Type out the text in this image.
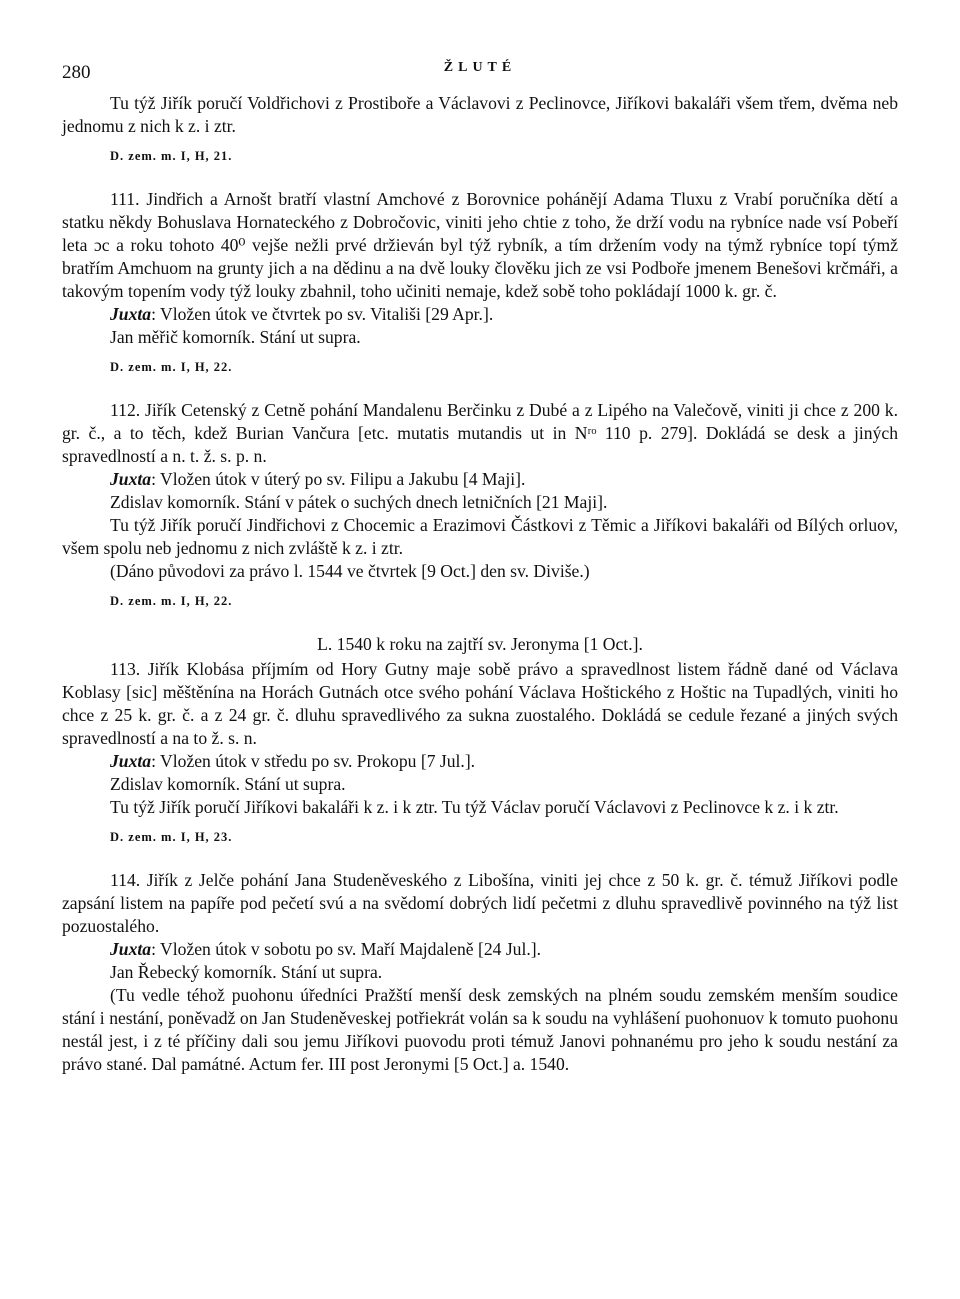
280	ŽLUTÉ

Tu týž Jiřík poručí Voldřichovi z Prostiboře a Václavovi z Peclinovce, Jiříkovi bakaláři všem třem, dvěma neb jednomu z nich k z. i ztr.

D. zem. m. I, H, 21.

111. Jindřich a Arnošt bratří vlastní Amchové z Borovnice pohánějí Adama Tluxu z Vrabí poručníka dětí a statku někdy Bohuslava Hornateckého z Dobročovic, viniti jeho chtie z toho, že drží vodu na rybníce nade vsí Pobeří leta ɔc a roku tohoto 40⁰ vejše nežli prvé držieván byl týž rybník, a tím držením vody na týmž rybníce topí týmž bratřím Amchuom na grunty jich a na dědinu a na dvě louky člověku jich ze vsi Podboře jmenem Benešovi krčmáři, a takovým topením vody týž louky zbahnil, toho učiniti nemaje, kdež sobě toho pokládají 1000 k. gr. č.

Juxta: Vložen útok ve čtvrtek po sv. Vitališi [29 Apr.].

Jan měřič komorník. Stání ut supra.

D. zem. m. I, H, 22.

112. Jiřík Cetenský z Cetně pohání Mandalenu Berčinku z Dubé a z Lipého na Valečově, viniti ji chce z 200 k. gr. č., a to těch, kdež Burian Vančura [etc. mutatis mutandis ut in Nʳᵒ 110 p. 279]. Dokládá se desk a jiných spravedlností a n. t. ž. s. p. n.

Juxta: Vložen útok v úterý po sv. Filipu a Jakubu [4 Maji].

Zdislav komorník. Stání v pátek o suchých dnech letničních [21 Maji].

Tu týž Jiřík poručí Jindřichovi z Chocemic a Erazimovi Částkovi z Těmic a Jiříkovi bakaláři od Bílých orluov, všem spolu neb jednomu z nich zvláště k z. i ztr.

(Dáno původovi za právo l. 1544 ve čtvrtek [9 Oct.] den sv. Diviše.)

D. zem. m. I, H, 22.

L. 1540 k roku na zajtří sv. Jeronyma [1 Oct.].

113. Jiřík Klobása příjmím od Hory Gutny maje sobě právo a spravedlnost listem řádně dané od Václava Koblasy [sic] měštěnína na Horách Gutnách otce svého pohání Václava Hoštického z Hoštic na Tupadlých, viniti ho chce z 25 k. gr. č. a z 24 gr. č. dluhu spravedlivého za sukna zuostalého. Dokládá se cedule řezané a jiných svých spravedlností a na to ž. s. n.

Juxta: Vložen útok v středu po sv. Prokopu [7 Jul.].

Zdislav komorník. Stání ut supra.

Tu týž Jiřík poručí Jiříkovi bakaláři k z. i k ztr. Tu týž Václav poručí Václavovi z Peclinovce k z. i k ztr.

D. zem. m. I, H, 23.

114. Jiřík z Jelče pohání Jana Studeněveského z Libošína, viniti jej chce z 50 k. gr. č. témuž Jiříkovi podle zapsání listem na papíře pod pečetí svú a na svědomí dobrých lidí pečetmi z dluhu spravedlivě povinného na týž list pozuostalého.

Juxta: Vložen útok v sobotu po sv. Maří Majdaleně [24 Jul.].

Jan Řebecký komorník. Stání ut supra.

(Tu vedle téhož puohonu úředníci Pražští menší desk zemských na plném soudu zemském menším soudice stání i nestání, poněvadž on Jan Studeněveskej potřiekrát volán sa k soudu na vyhlášení puohonuov k tomuto puohonu nestál jest, i z té příčiny dali sou jemu Jiříkovi puovodu proti témuž Janovi pohnanému pro jeho k soudu nestání za právo stané. Dal památné. Actum fer. III post Jeronymi [5 Oct.] a. 1540.
